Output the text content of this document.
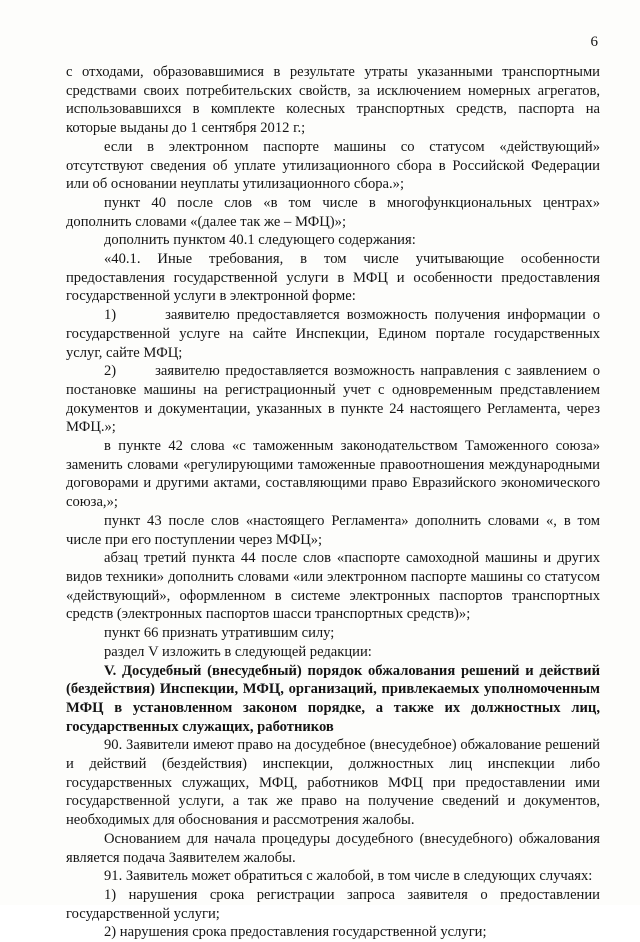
6

с отходами, образовавшимися в результате утраты указанными транспортными средствами своих потребительских свойств, за исключением номерных агрегатов, использовавшихся в комплекте колесных транспортных средств, паспорта на которые выданы до 1 сентября 2012 г.;

если в электронном паспорте машины со статусом «действующий» отсутствуют сведения об уплате утилизационного сбора в Российской Федерации или об основании неуплаты утилизационного сбора.»;

пункт 40 после слов «в том числе в многофункциональных центрах» дополнить словами «(далее так же – МФЦ)»;

дополнить пунктом 40.1 следующего содержания:

«40.1. Иные требования, в том числе учитывающие особенности предоставления государственной услуги в МФЦ и особенности предоставления государственной услуги в электронной форме:

1)       заявителю предоставляется возможность получения информации о государственной услуге на сайте Инспекции, Едином портале государственных услуг, сайте МФЦ;

2)       заявителю предоставляется возможность направления с заявлением о постановке машины на регистрационный учет с одновременным представлением документов и документации, указанных в пункте 24 настоящего Регламента, через МФЦ.»;

в пункте 42 слова «с таможенным законодательством Таможенного союза» заменить словами «регулирующими таможенные правоотношения международными договорами и другими актами, составляющими право Евразийского экономического союза,»;

пункт 43 после слов «настоящего Регламента» дополнить словами «, в том числе при его поступлении через МФЦ»;

абзац третий пункта 44 после слов «паспорте самоходной машины и других видов техники» дополнить словами «или электронном паспорте машины со статусом «действующий», оформленном в системе электронных паспортов транспортных средств (электронных паспортов шасси транспортных средств)»;

пункт 66 признать утратившим силу;

раздел V изложить в следующей редакции:

V. Досудебный (внесудебный) порядок обжалования решений и действий (бездействия) Инспекции, МФЦ, организаций, привлекаемых уполномоченным МФЦ в установленном законом порядке, а также их должностных лиц, государственных служащих, работников

90. Заявители имеют право на досудебное (внесудебное) обжалование решений и действий (бездействия) инспекции, должностных лиц инспекции либо государственных служащих, МФЦ, работников МФЦ при предоставлении ими государственной услуги, а так же право на получение сведений и документов, необходимых для обоснования и рассмотрения жалобы.

Основанием для начала процедуры досудебного (внесудебного) обжалования является подача Заявителем жалобы.

91. Заявитель может обратиться с жалобой, в том числе в следующих случаях:

1) нарушения срока регистрации запроса заявителя о предоставлении государственной услуги;

2) нарушения срока предоставления государственной услуги;
